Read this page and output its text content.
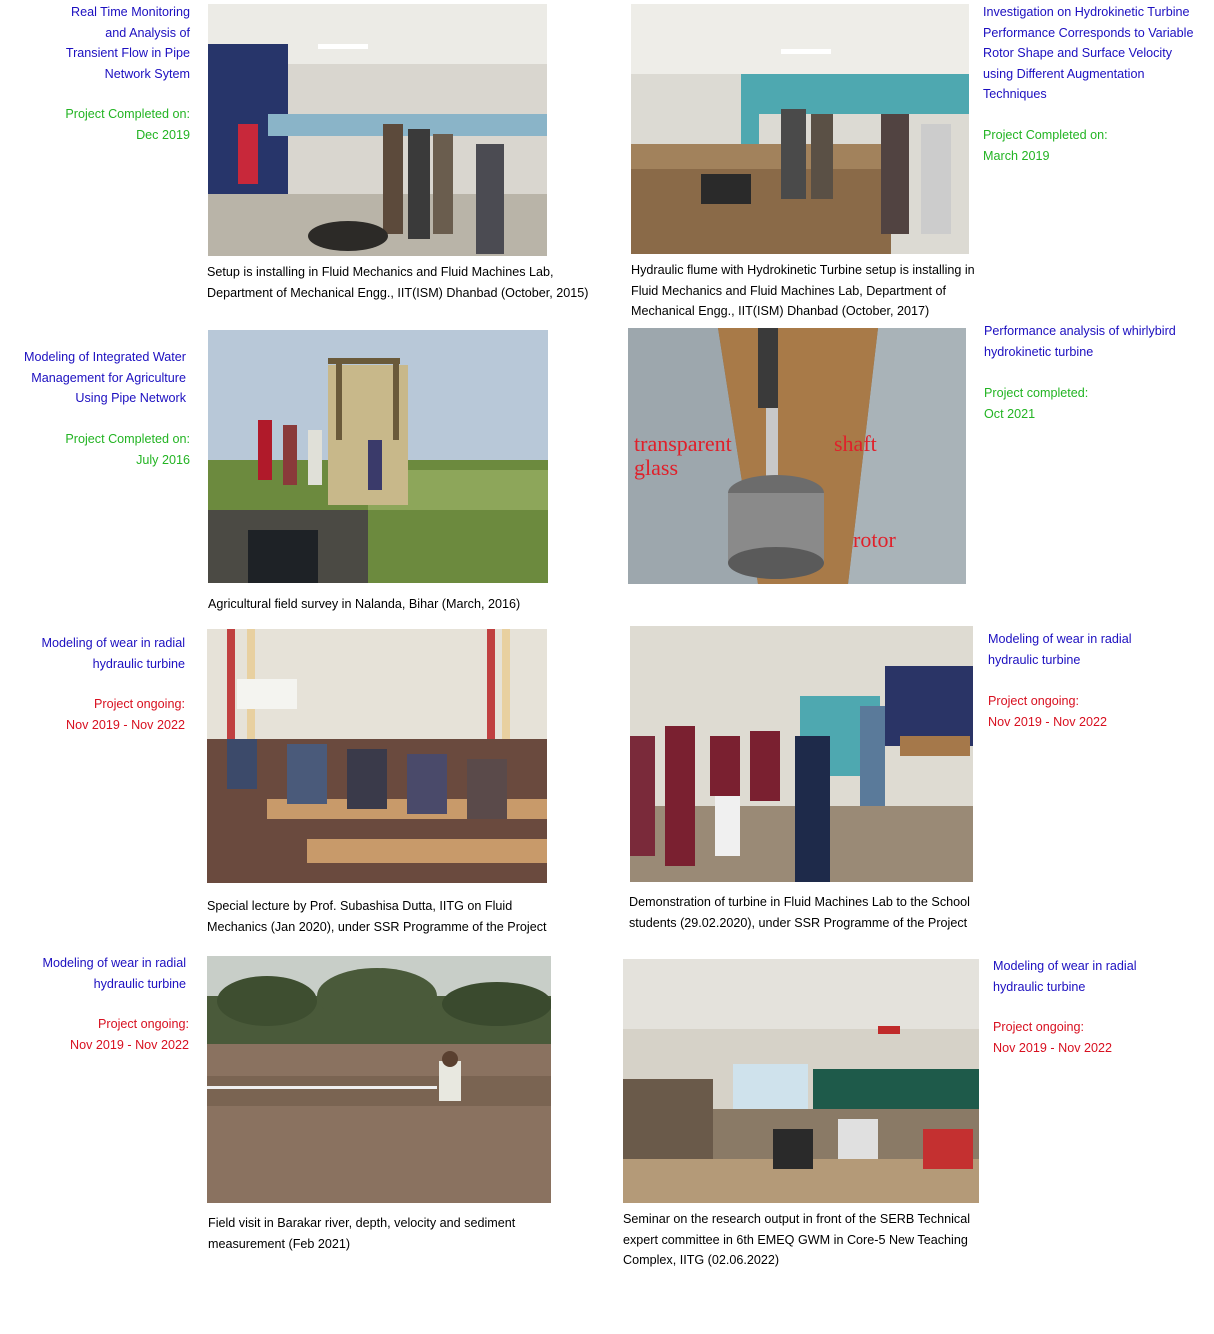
Real Time Monitoring
and Analysis of
Transient Flow in Pipe
Network Sytem
Project Completed on:
Dec 2019
Setup is installing in Fluid Mechanics and Fluid Machines Lab,
Department of Mechanical Engg., IIT(ISM) Dhanbad (October, 2015)
Investigation on Hydrokinetic Turbine
Performance Corresponds to Variable
Rotor Shape and Surface Velocity
using Different Augmentation
Techniques
Project Completed on:
March 2019
Hydraulic flume with Hydrokinetic Turbine setup is installing in
Fluid Mechanics and Fluid Machines Lab, Department of
Mechanical Engg., IIT(ISM) Dhanbad (October, 2017)
Modeling of Integrated Water
Management for Agriculture
Using Pipe Network
Project Completed on:
July 2016
Agricultural field survey in Nalanda, Bihar (March, 2016)
transparent
glass
shaft
rotor
Performance analysis of whirlybird
hydrokinetic turbine
Project completed:
Oct 2021
Modeling of wear in radial
hydraulic turbine
Project ongoing:
Nov 2019 - Nov 2022
Special lecture by Prof. Subashisa Dutta, IITG on Fluid
Mechanics (Jan 2020), under SSR Programme of the Project
Modeling of wear in radial
hydraulic turbine
Project ongoing:
Nov 2019 - Nov 2022
Demonstration of turbine in Fluid Machines Lab to the School
students (29.02.2020), under SSR Programme of the Project
Modeling of wear in radial
hydraulic turbine
Project ongoing:
Nov 2019 - Nov 2022
Field visit in Barakar river, depth, velocity and sediment
measurement (Feb 2021)
Modeling of wear in radial
hydraulic turbine
Project ongoing:
Nov 2019 - Nov 2022
Seminar on the research output in front of the SERB Technical
expert committee in 6th EMEQ GWM in Core-5 New Teaching
Complex, IITG (02.06.2022)
